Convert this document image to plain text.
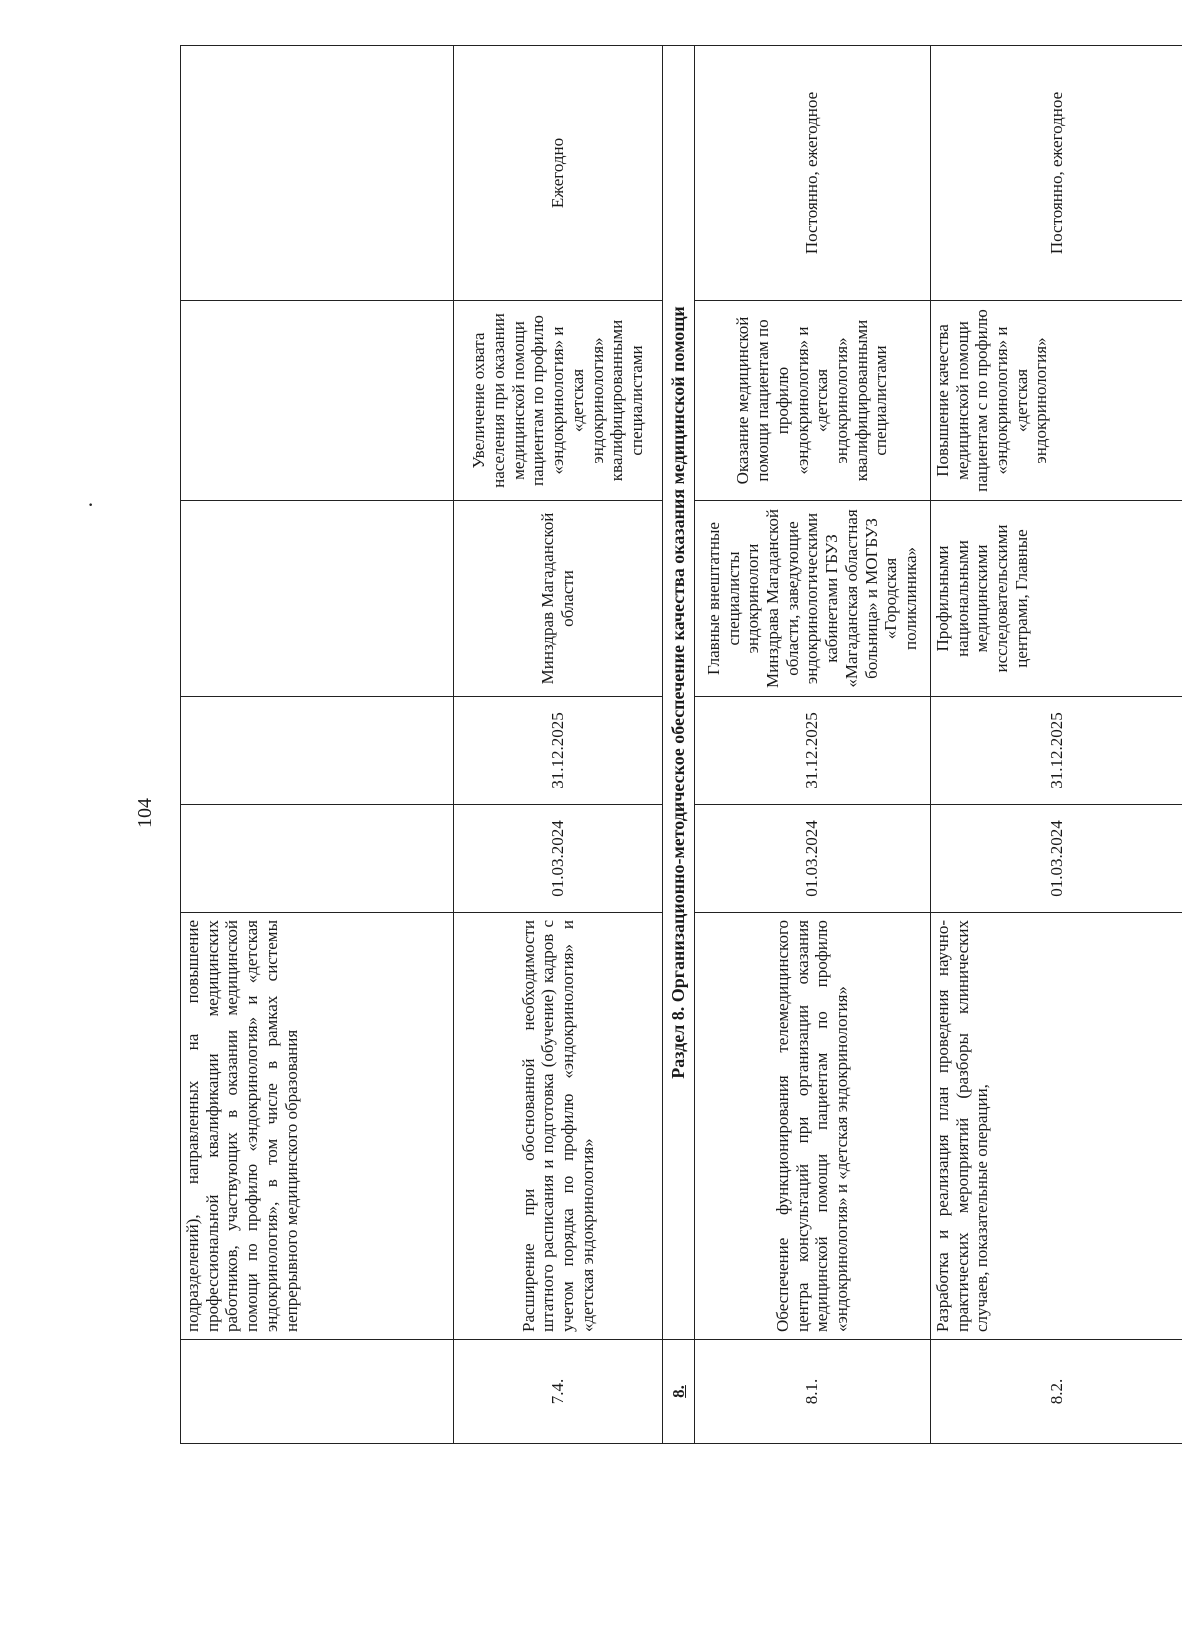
104
·
	подразделений), направленных на повышение профессиональной квалификации медицинских работников, участвующих в оказании медицинской помощи по профилю «эндокринология» и «детская эндокринология», в том числе в рамках системы непрерывного медицинского образования					
7.4.	Расширение при обоснованной необходимости штатного расписания и подготовка (обучение) кадров с учетом порядка по профилю «эндокринология» и «детская эндокринология»	01.03.2024	31.12.2025	Минздрав Магаданской области	Увеличение охвата населения при оказании медицинской помощи пациентам по профилю «эндокринология» и «детская эндокринология» квалифицированными специалистами	Ежегодно
8.	Раздел 8. Организационно-методическое обеспечение качества оказания медицинской помощи					
8.1.	Обеспечение функционирования телемедицинского центра консультаций при организации оказания медицинской помощи пациентам по профилю «эндокринология» и «детская эндокринология»	01.03.2024	31.12.2025	Главные внештатные специалисты эндокринологи Минздрава Магаданской области, заведующие эндокринологическими кабинетами ГБУЗ «Магаданская областная больница» и МОГБУЗ «Городская поликлиника»	Оказание медицинской помощи пациентам по профилю «эндокринология» и «детская эндокринология» квалифицированными специалистами	Постоянно, ежегодное
8.2.	Разработка и реализация план проведения научно-практических мероприятий (разборы клинических случаев, показательные операции,	01.03.2024	31.12.2025	Профильными национальными медицинскими исследовательскими центрами, Главные	Повышение качества медицинской помощи пациентам с по профилю «эндокринология» и «детская эндокринология»	Постоянно, ежегодное
